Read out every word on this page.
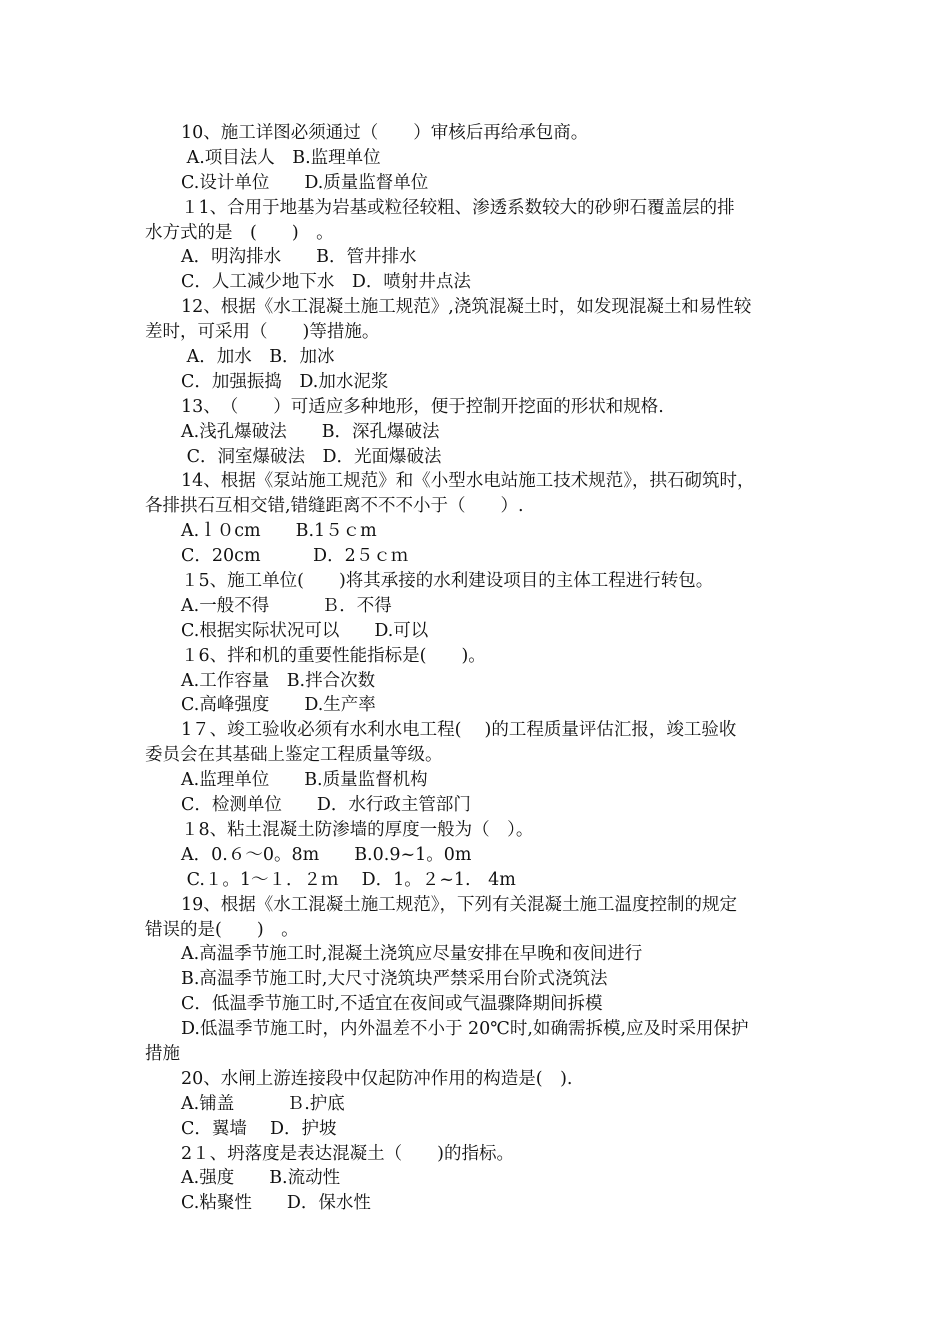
10、施工详图必须通过（　　）审核后再给承包商。
A.项目法人　B.监理单位
C.设计单位　　D.质量监督单位
１1、合用于地基为岩基或粒径较粗、渗透系数较大的砂卵石覆盖层的排
水方式的是　(　　)　。
A．明沟排水　　B．管井排水
C．人工减少地下水　D．喷射井点法
12、根据《水工混凝土施工规范》,浇筑混凝土时，如发现混凝土和易性较
差时，可采用（　　)等措施。
A．加水　B．加冰
C．加强振捣　D.加水泥浆
13、　（　　）可适应多种地形，便于控制开挖面的形状和规格.
A.浅孔爆破法　　B．深孔爆破法
C．洞室爆破法　D．光面爆破法
14、根据《泵站施工规范》和《小型水电站施工技术规范》，拱石砌筑时，
各排拱石互相交错,错缝距离不不不小于（　　）.
A.ｌ０cm　　B.1５ｃm
C．20cm　　　D．2５ｃｍ
１5、施工单位(　　)将其承接的水利建设项目的主体工程进行转包。
A.一般不得　　　Ｂ．不得
C.根据实际状况可以　　D.可以
１6、拌和机的重要性能指标是(　　)。
A.工作容量　B.拌合次数
C.高峰强度　　D.生产率
1７、竣工验收必须有水利水电工程(　 )的工程质量评估汇报，竣工验收
委员会在其基础上鉴定工程质量等级。
A.监理单位　　B.质量监督机构
C．检测单位　　D．水行政主管部门
１8、粘土混凝土防渗墙的厚度一般为（　）。
A．0.６～0。8m　　B.0.9~1。0m
C.１。1～１．２ｍ　 D．1。２~1.　4m
19、根据《水工混凝土施工规范》，下列有关混凝土施工温度控制的规定
错误的是(　　)　。
A.高温季节施工时,混凝土浇筑应尽量安排在早晚和夜间进行
B.高温季节施工时,大尺寸浇筑块严禁采用台阶式浇筑法
C．低温季节施工时,不适宜在夜间或气温骤降期间拆模
D.低温季节施工时，内外温差不小于 20℃时,如确需拆模,应及时采用保护
措施
20、水闸上游连接段中仅起防冲作用的构造是(　).
A.铺盖　　　Ｂ.护底
C．翼墙　 D．护坡
2１、坍落度是表达混凝土（　　)的指标。
A.强度　　B.流动性
C.粘聚性　　D．保水性
